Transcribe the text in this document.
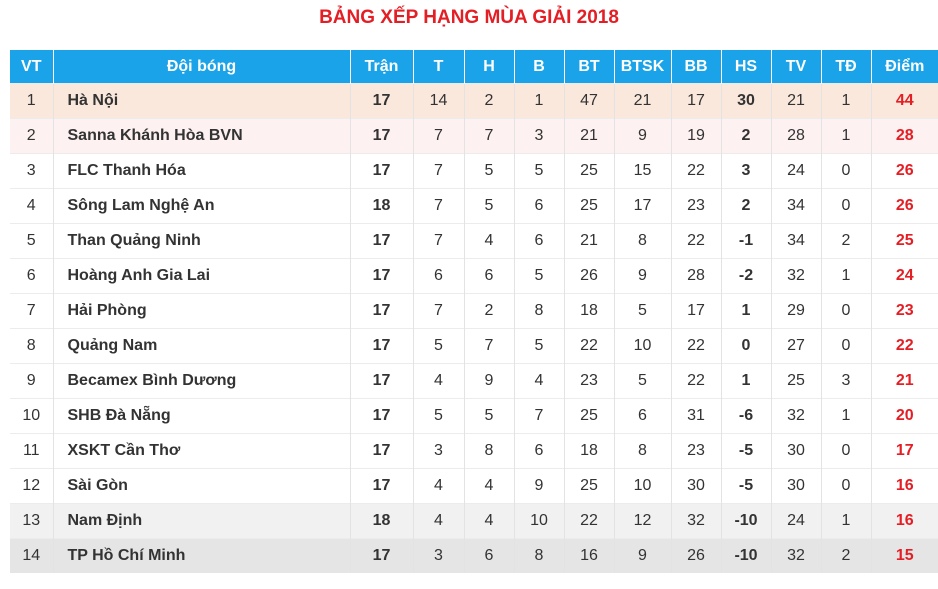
BẢNG XẾP HẠNG MÙA GIẢI 2018
VT	Đội bóng	Trận	T	H	B	BT	BTSK	BB	HS	TV	TĐ	Điểm
1	Hà Nội	17	14	2	1	47	21	17	30	21	1	44
2	Sanna Khánh Hòa BVN	17	7	7	3	21	9	19	2	28	1	28
3	FLC Thanh Hóa	17	7	5	5	25	15	22	3	24	0	26
4	Sông Lam Nghệ An	18	7	5	6	25	17	23	2	34	0	26
5	Than Quảng Ninh	17	7	4	6	21	8	22	-1	34	2	25
6	Hoàng Anh Gia Lai	17	6	6	5	26	9	28	-2	32	1	24
7	Hải Phòng	17	7	2	8	18	5	17	1	29	0	23
8	Quảng Nam	17	5	7	5	22	10	22	0	27	0	22
9	Becamex Bình Dương	17	4	9	4	23	5	22	1	25	3	21
10	SHB Đà Nẵng	17	5	5	7	25	6	31	-6	32	1	20
11	XSKT Cần Thơ	17	3	8	6	18	8	23	-5	30	0	17
12	Sài Gòn	17	4	4	9	25	10	30	-5	30	0	16
13	Nam Định	18	4	4	10	22	12	32	-10	24	1	16
14	TP Hồ Chí Minh	17	3	6	8	16	9	26	-10	32	2	15
